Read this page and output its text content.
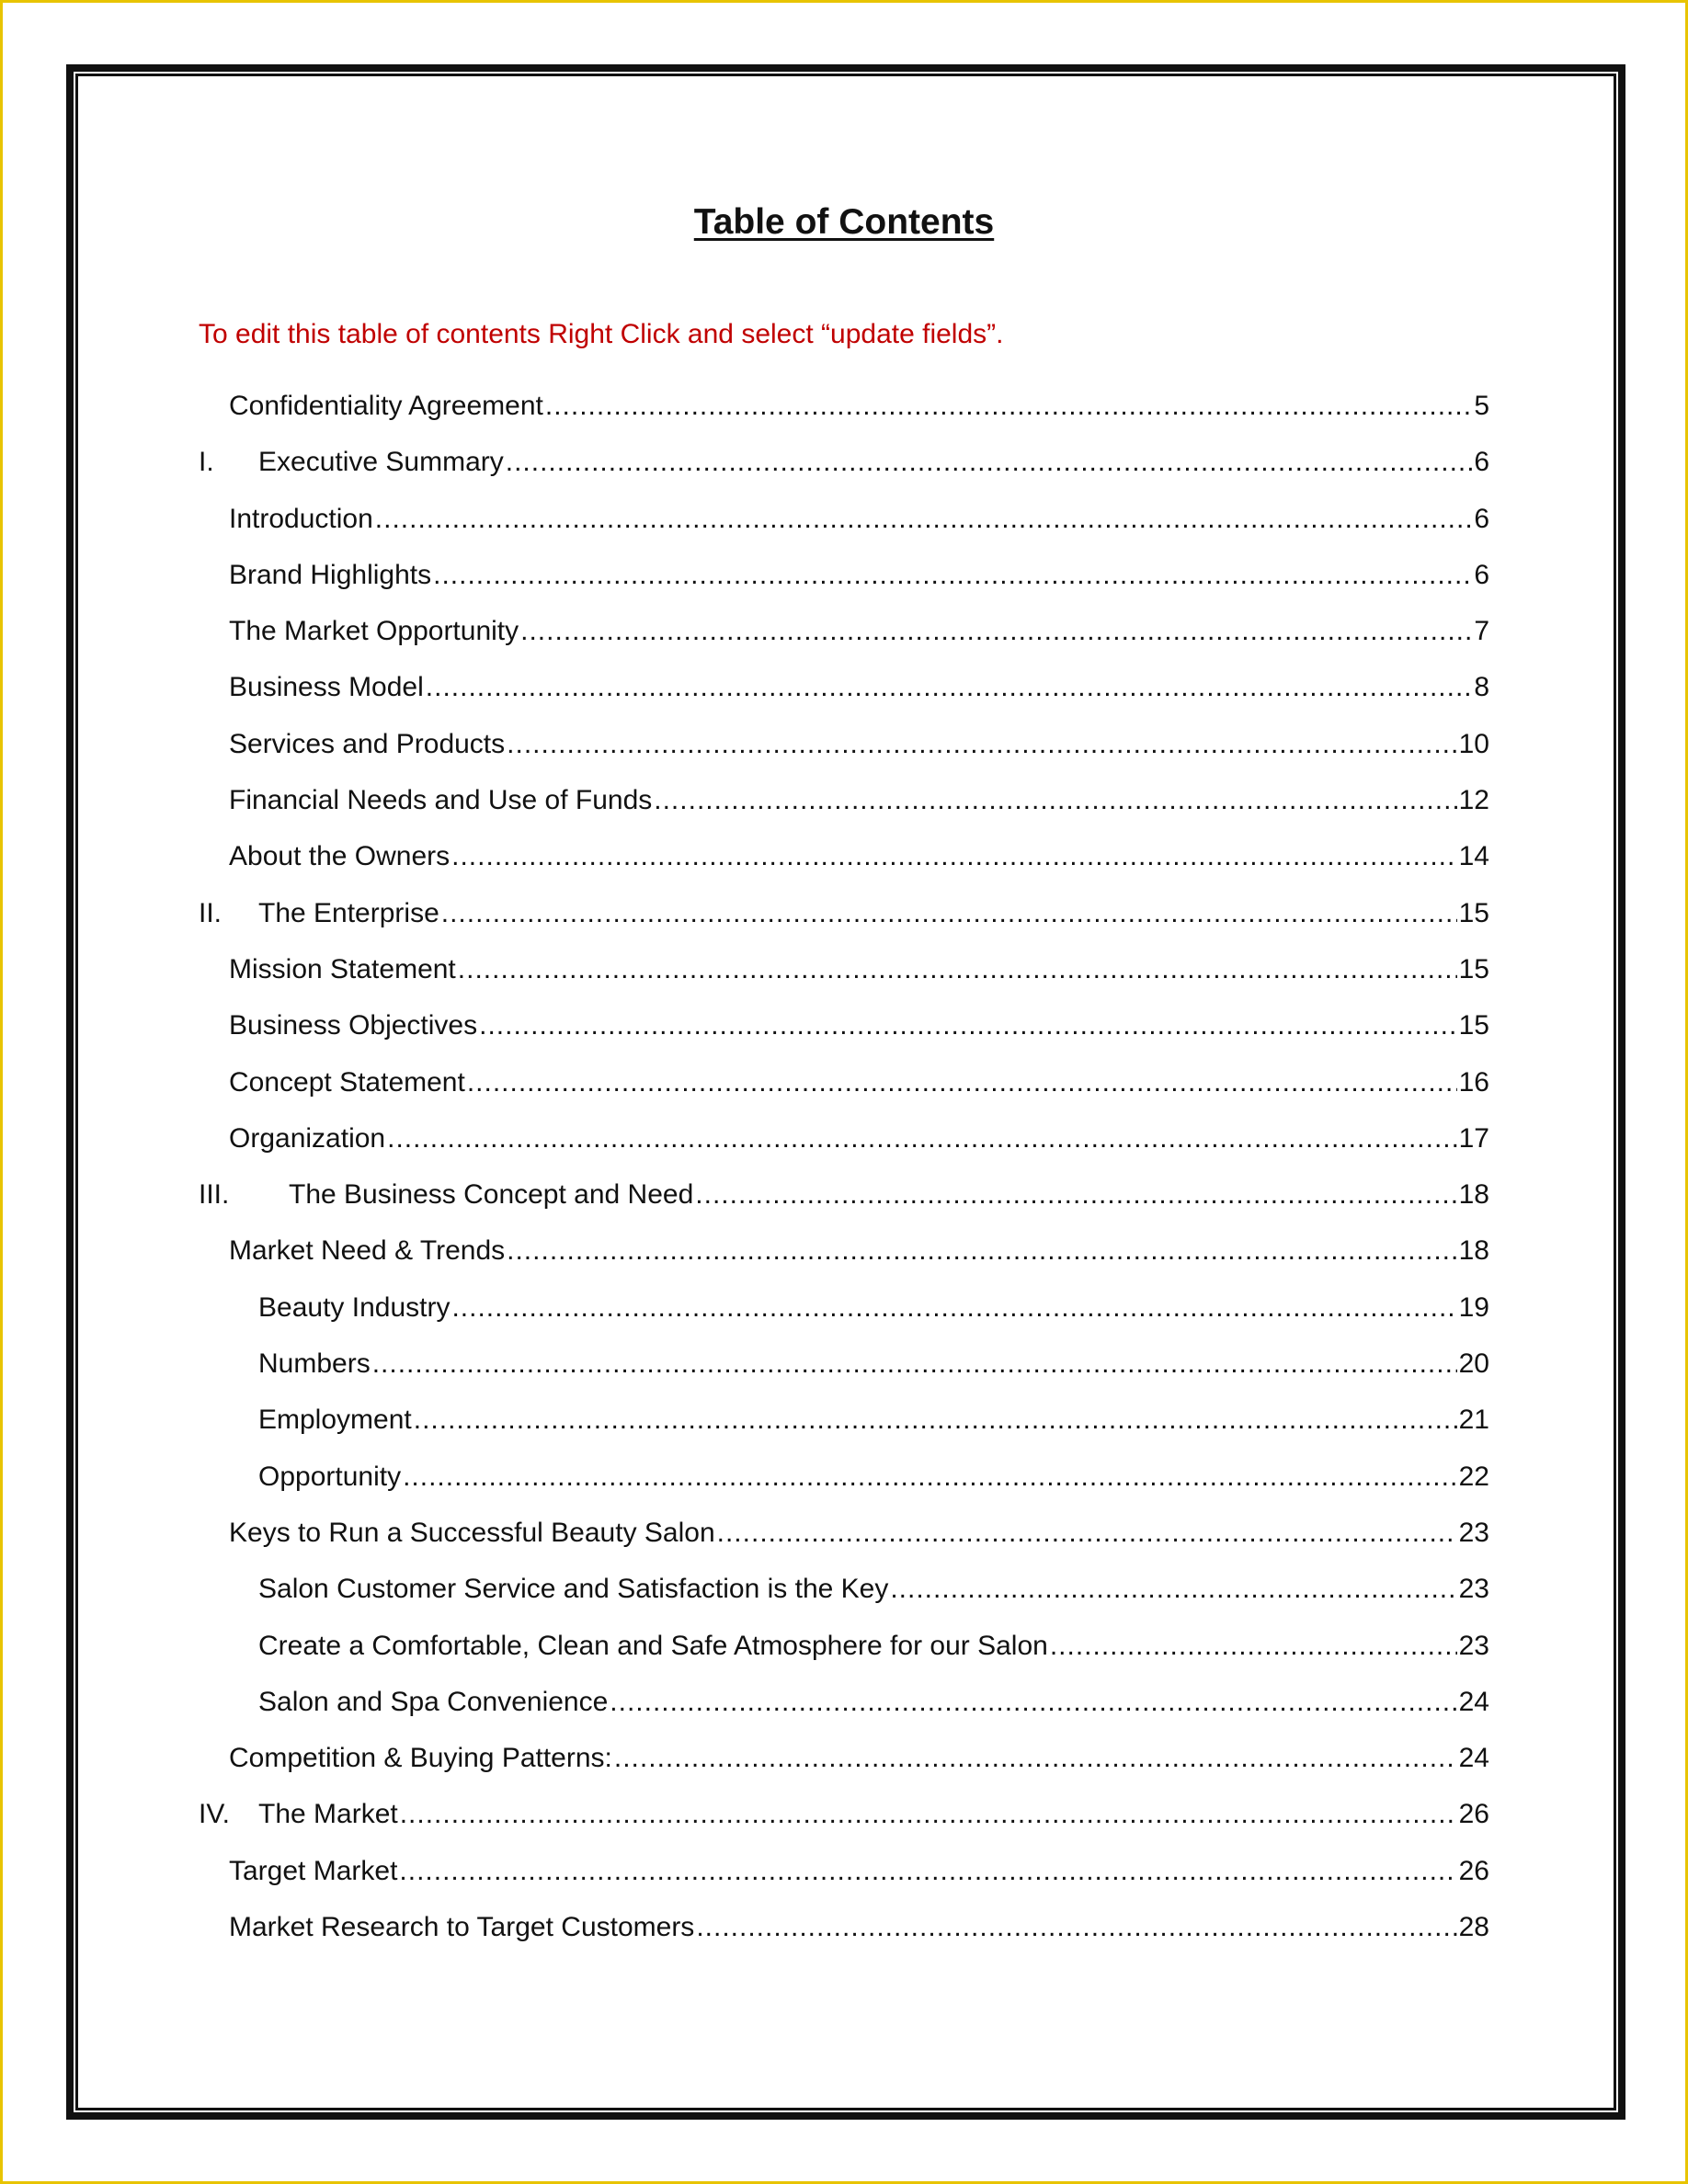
Table of Contents
To edit this table of contents Right Click and select “update fields”.
Confidentiality Agreement .....	5
I.	Executive Summary .....	6
Introduction .....	6
Brand Highlights .....	6
The Market Opportunity .....	7
Business Model .....	8
Services and Products .....	10
Financial Needs and Use of Funds .....	12
About the Owners .....	14
II.	The Enterprise .....	15
Mission Statement .....	15
Business Objectives .....	15
Concept Statement .....	16
Organization .....	17
III.	The Business Concept and Need .....	18
Market Need & Trends .....	18
Beauty Industry .....	19
Numbers .....	20
Employment .....	21
Opportunity .....	22
Keys to Run a Successful Beauty Salon .....	23
Salon Customer Service and Satisfaction is the Key .....	23
Create a Comfortable, Clean and Safe Atmosphere for our Salon .....	23
Salon and Spa Convenience .....	24
Competition & Buying Patterns: .....	24
IV.	The Market .....	26
Target Market .....	26
Market Research to Target Customers .....	28
